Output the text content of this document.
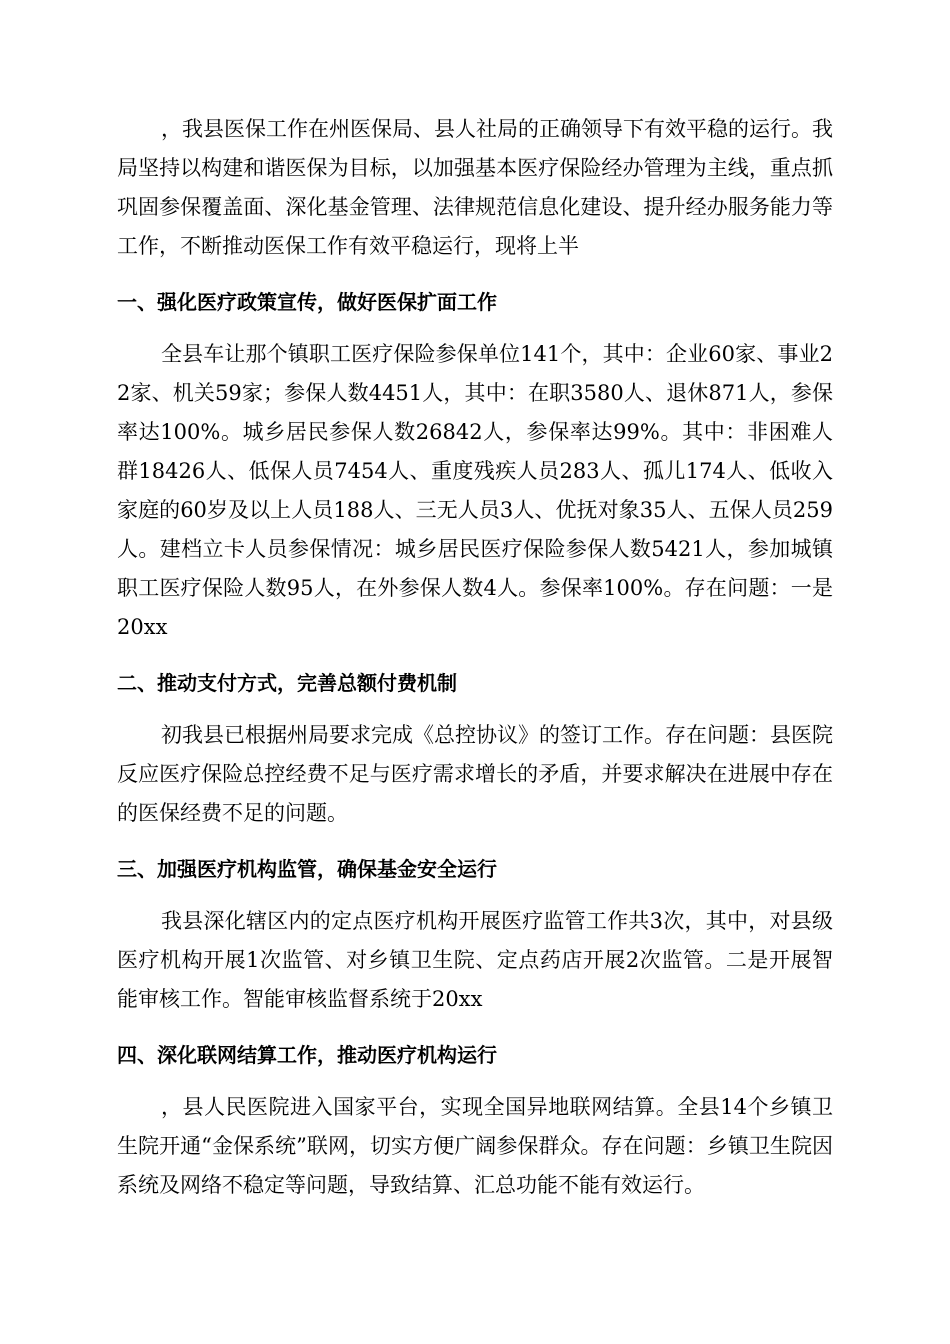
，我县医保工作在州医保局、县人社局的正确领导下有效平稳的运行。我局坚持以构建和谐医保为目标，以加强基本医疗保险经办管理为主线，重点抓巩固参保覆盖面、深化基金管理、法律规范信息化建设、提升经办服务能力等工作，不断推动医保工作有效平稳运行，现将上半

一、强化医疗政策宣传，做好医保扩面工作

全县车让那个镇职工医疗保险参保单位141个，其中：企业60家、事业22家、机关59家；参保人数4451人，其中：在职3580人、退休871人，参保率达100%。城乡居民参保人数26842人，参保率达99%。其中：非困难人群18426人、低保人员7454人、重度残疾人员283人、孤儿174人、低收入家庭的60岁及以上人员188人、三无人员3人、优抚对象35人、五保人员259人。建档立卡人员参保情况：城乡居民医疗保险参保人数5421人，参加城镇职工医疗保险人数95人，在外参保人数4人。参保率100%。存在问题：一是20xx

二、推动支付方式，完善总额付费机制

初我县已根据州局要求完成《总控协议》的签订工作。存在问题：县医院反应医疗保险总控经费不足与医疗需求增长的矛盾，并要求解决在进展中存在的医保经费不足的问题。

三、加强医疗机构监管，确保基金安全运行

我县深化辖区内的定点医疗机构开展医疗监管工作共3次，其中，对县级医疗机构开展1次监管、对乡镇卫生院、定点药店开展2次监管。二是开展智能审核工作。智能审核监督系统于20xx

四、深化联网结算工作，推动医疗机构运行

，县人民医院进入国家平台，实现全国异地联网结算。全县14个乡镇卫生院开通“金保系统”联网，切实方便广阔参保群众。存在问题：乡镇卫生院因系统及网络不稳定等问题，导致结算、汇总功能不能有效运行。
